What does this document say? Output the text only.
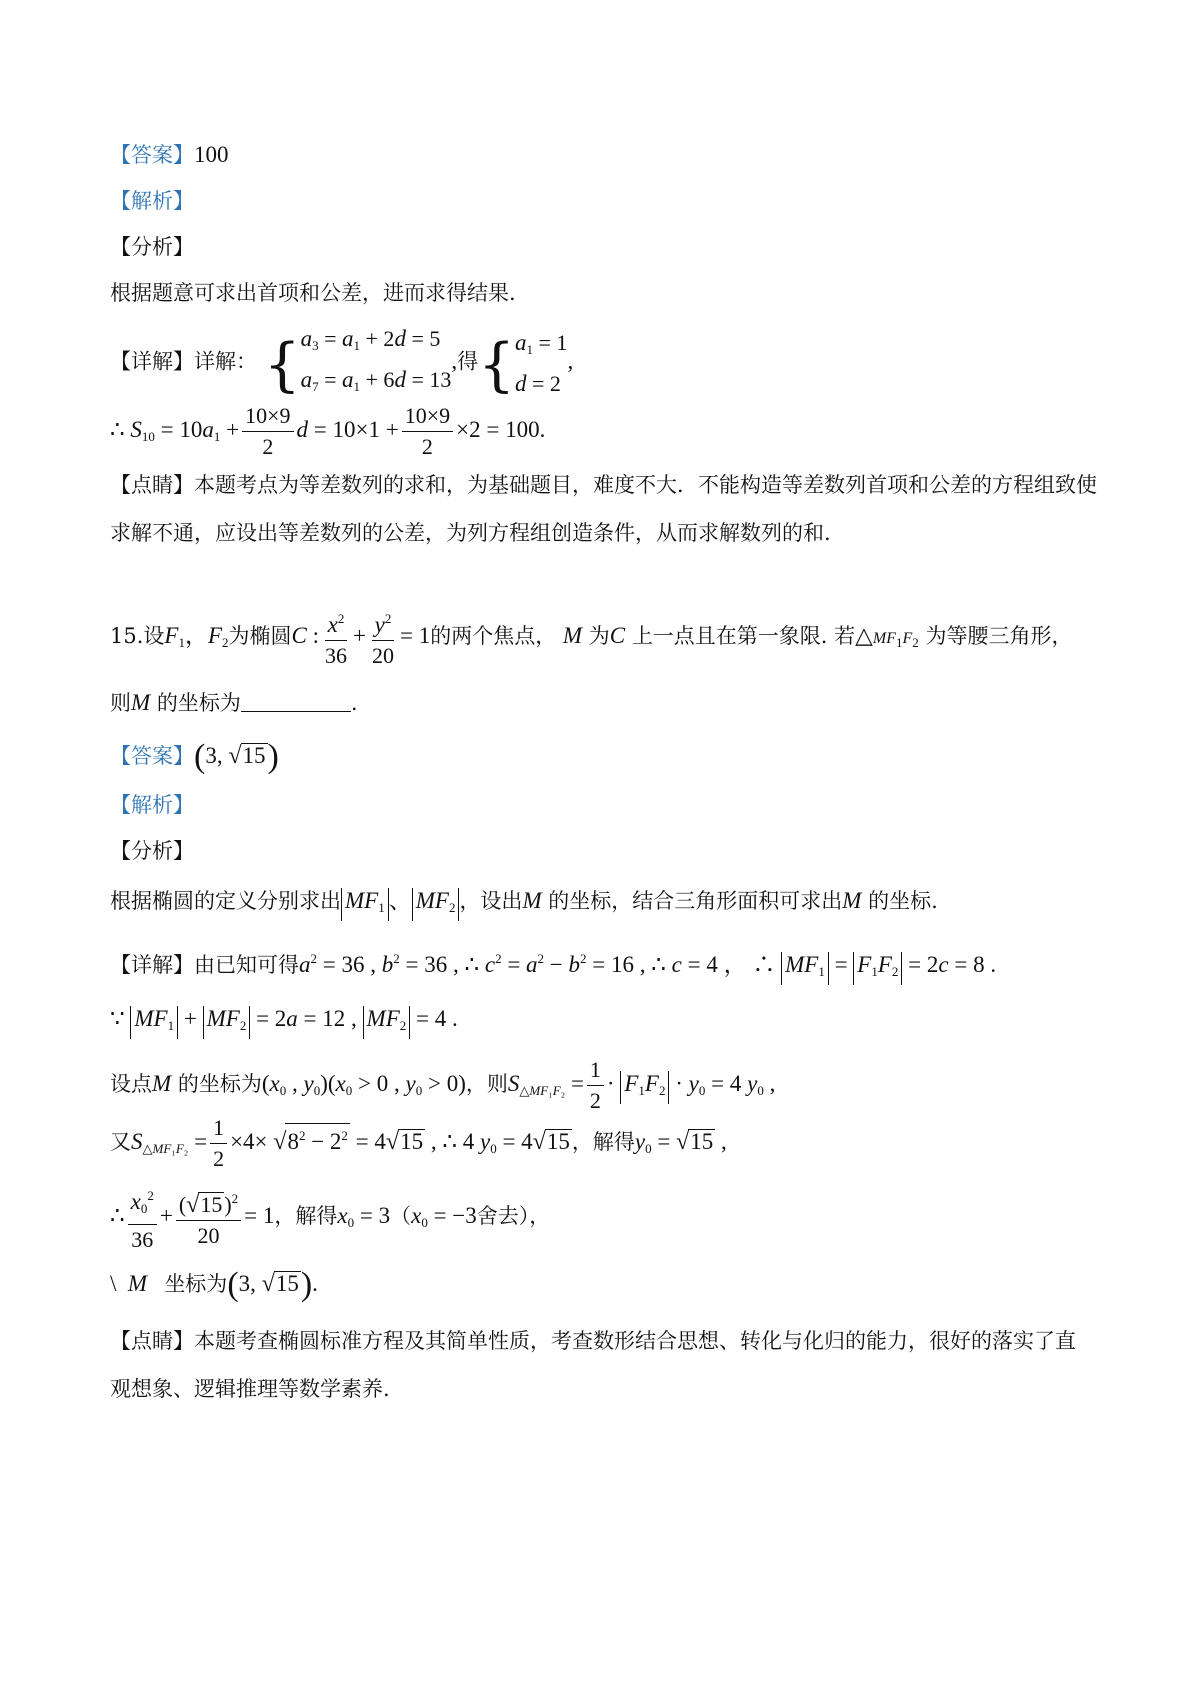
【答案】100
【解析】
【分析】
根据题意可求出首项和公差，进而求得结果.
【详解】详解： { $a_3 = a_1 + 2d = 5$
$a_7 = a_1 + 6d = 13$
,得{ $a_1 = 1$
d = 2
,
∴ $S_{10} = 10a_1 + \frac{10\times 9}{2}$ $d = 10\times 1 + \frac{10\times 9}{2} \times 2 = 100$.
【点睛】本题考点为等差数列的求和，为基础题目，难度不大．不能构造等差数列首项和公差的方程组致使
求解不通，应设出等差数列的公差，为列方程组创造条件，从而求解数列的和.
15.设$F_1$，$F_2$为椭圆C : $\frac{x^2}{36} + \frac{y^2}{20} = 1$的两个焦点， M 为C 上一点且在第一象限. 若$\triangle MF_1F_2$ 为等腰三角形，
则M 的坐标为	.
【答案】(3, √15)
【解析】
【分析】
根据椭圆的定义分别求出 $MF_1$ 、 $MF_2$ ，设出M 的坐标，结合三角形面积可求出M 的坐标.
【详解】由已知可得$a^2 = 36$ , $b^2 = 36$ , ∴ $c^2 = a^2 - b^2 = 16$ , ∴ c = 4 ， ∴ $MF_1 = F_1F_2 = 2c = 8$ .
∵ $MF_1 + MF_2 = 2a = 12$ , $MF_2 = 4$ .
设点M 的坐标为($x_0$ , $y_0)(x_0 > 0$ , $y_0 > 0$)，则$S_{\triangle MF_1F_2} = \frac{1}{2} \cdot F_1F_2 \cdot y_0 = 4$ $y_0$ ,
又$S_{\triangle MF_1F_2} = \frac{1}{2} \times 4\times √8^2 - 2^2 = 4√15$ , ∴ 4 $y_0 = 4√15$，解得$y_0 = √15$ ,
∴ $\frac{x_0^2}{36} + \frac{(√15)^2}{20} = 1$，解得$x_0 = 3(x_0 = -3$舍去），
\  M 坐标为(3, √15).
【点睛】本题考查椭圆标准方程及其简单性质，考查数形结合思想、转化与化归的能力，很好的落实了直
观想象、逻辑推理等数学素养.
